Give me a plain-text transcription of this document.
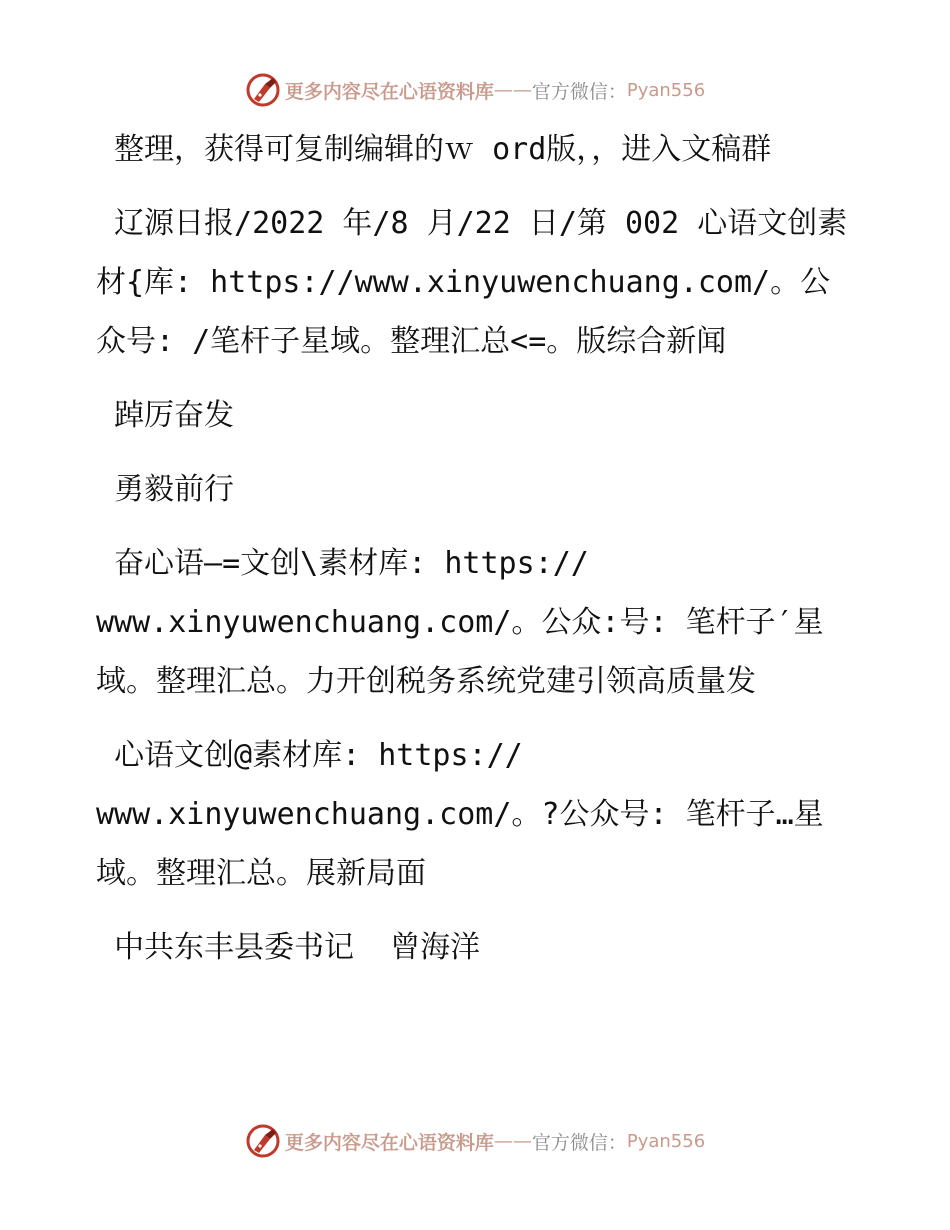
更多内容尽在心语资料库 —— 官方微信： Pyan556

整理，获得可复制编辑的ｗ ord版，，进入文稿群

辽源日报/2022 年/8 月/22 日/第 002 心语文创素材{库: https://www.xinyuwenchuang.com/。公众号: /笔杆子星域。整理汇总<=。版综合新闻

踔厉奋发

勇毅前行

奋心语—=文创\素材库: https://
www.xinyuwenchuang.com/。公众:号: 笔杆子′星域。整理汇总。力开创税务系统党建引领高质量发

心语文创@素材库: https://
www.xinyuwenchuang.com/。?公众号: 笔杆子…星域。整理汇总。展新局面

中共东丰县委书记  曾海洋

更多内容尽在心语资料库 —— 官方微信： Pyan556
